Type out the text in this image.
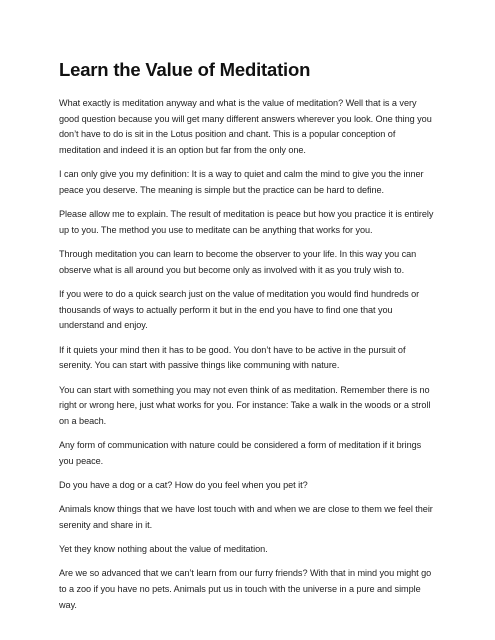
Learn the Value of Meditation

What exactly is meditation anyway and what is the value of meditation? Well that is a very good question because you will get many different answers wherever you look. One thing you don’t have to do is sit in the Lotus position and chant. This is a popular conception of meditation and indeed it is an option but far from the only one.

I can only give you my definition: It is a way to quiet and calm the mind to give you the inner peace you deserve. The meaning is simple but the practice can be hard to define.

Please allow me to explain. The result of meditation is peace but how you practice it is entirely up to you. The method you use to meditate can be anything that works for you.

Through meditation you can learn to become the observer to your life. In this way you can observe what is all around you but become only as involved with it as you truly wish to.

If you were to do a quick search just on the value of meditation you would find hundreds or thousands of ways to actually perform it but in the end you have to find one that you understand and enjoy.

If it quiets your mind then it has to be good. You don’t have to be active in the pursuit of serenity. You can start with passive things like communing with nature.

You can start with something you may not even think of as meditation. Remember there is no right or wrong here, just what works for you. For instance: Take a walk in the woods or a stroll on a beach.

Any form of communication with nature could be considered a form of meditation if it brings you peace.

Do you have a dog or a cat? How do you feel when you pet it?

Animals know things that we have lost touch with and when we are close to them we feel their serenity and share in it.

Yet they know nothing about the value of meditation.

Are we so advanced that we can’t learn from our furry friends? With that in mind you might go to a zoo if you have no pets. Animals put us in touch with the universe in a pure and simple way.
